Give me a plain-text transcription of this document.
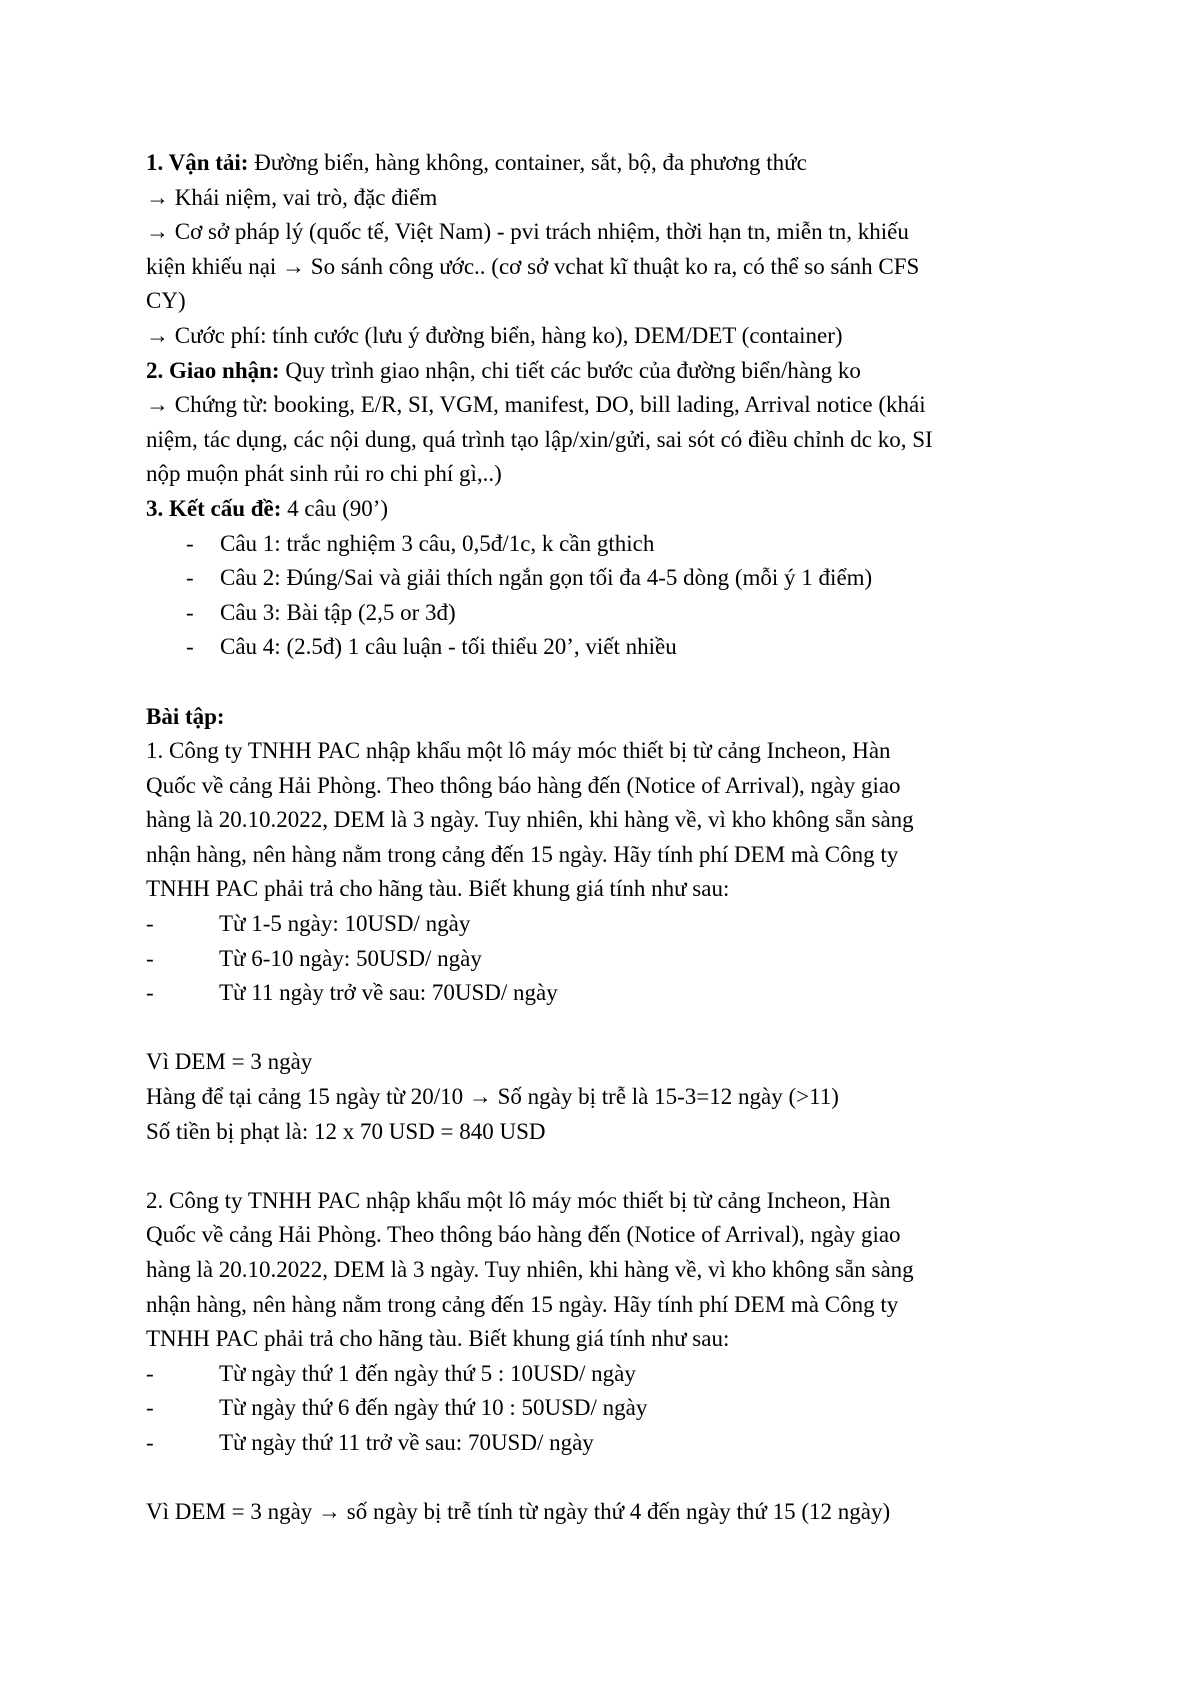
1. Vận tải: Đường biển, hàng không, container, sắt, bộ, đa phương thức
→ Khái niệm, vai trò, đặc điểm
→ Cơ sở pháp lý (quốc tế, Việt Nam) - pvi trách nhiệm, thời hạn tn, miễn tn, khiếu
kiện khiếu nại → So sánh công ước.. (cơ sở vchat kĩ thuật ko ra, có thể so sánh CFS
CY)
→ Cước phí: tính cước (lưu ý đường biển, hàng ko), DEM/DET (container)
2. Giao nhận: Quy trình giao nhận, chi tiết các bước của đường biển/hàng ko
→ Chứng từ: booking, E/R, SI, VGM, manifest, DO, bill lading, Arrival notice (khái
niệm, tác dụng, các nội dung, quá trình tạo lập/xin/gửi, sai sót có điều chỉnh dc ko, SI
nộp muộn phát sinh rủi ro chi phí gì,..)
3. Kết cấu đề: 4 câu (90’)
- Câu 1: trắc nghiệm 3 câu, 0,5đ/1c, k cần gthich
- Câu 2: Đúng/Sai và giải thích ngắn gọn tối đa 4-5 dòng (mỗi ý 1 điểm)
- Câu 3: Bài tập (2,5 or 3đ)
- Câu 4: (2.5đ) 1 câu luận - tối thiểu 20’, viết nhiều
Bài tập:
1. Công ty TNHH PAC nhập khẩu một lô máy móc thiết bị từ cảng Incheon, Hàn
Quốc về cảng Hải Phòng. Theo thông báo hàng đến (Notice of Arrival), ngày giao
hàng là 20.10.2022, DEM là 3 ngày. Tuy nhiên, khi hàng về, vì kho không sẵn sàng
nhận hàng, nên hàng nằm trong cảng đến 15 ngày. Hãy tính phí DEM mà Công ty
TNHH PAC phải trả cho hãng tàu. Biết khung giá tính như sau:
-	Từ 1-5 ngày: 10USD/ ngày
-	Từ 6-10 ngày: 50USD/ ngày
-	Từ 11 ngày trở về sau: 70USD/ ngày
Vì DEM = 3 ngày
Hàng để tại cảng 15 ngày từ 20/10 → Số ngày bị trễ là 15-3=12 ngày (>11)
Số tiền bị phạt là: 12 x 70 USD = 840 USD
2. Công ty TNHH PAC nhập khẩu một lô máy móc thiết bị từ cảng Incheon, Hàn
Quốc về cảng Hải Phòng. Theo thông báo hàng đến (Notice of Arrival), ngày giao
hàng là 20.10.2022, DEM là 3 ngày. Tuy nhiên, khi hàng về, vì kho không sẵn sàng
nhận hàng, nên hàng nằm trong cảng đến 15 ngày. Hãy tính phí DEM mà Công ty
TNHH PAC phải trả cho hãng tàu. Biết khung giá tính như sau:
-	Từ ngày thứ 1 đến ngày thứ 5 : 10USD/ ngày
-	Từ ngày thứ 6 đến ngày thứ 10 : 50USD/ ngày
-	Từ ngày thứ 11 trở về sau: 70USD/ ngày
Vì DEM = 3 ngày → số ngày bị trễ tính từ ngày thứ 4 đến ngày thứ 15 (12 ngày)
